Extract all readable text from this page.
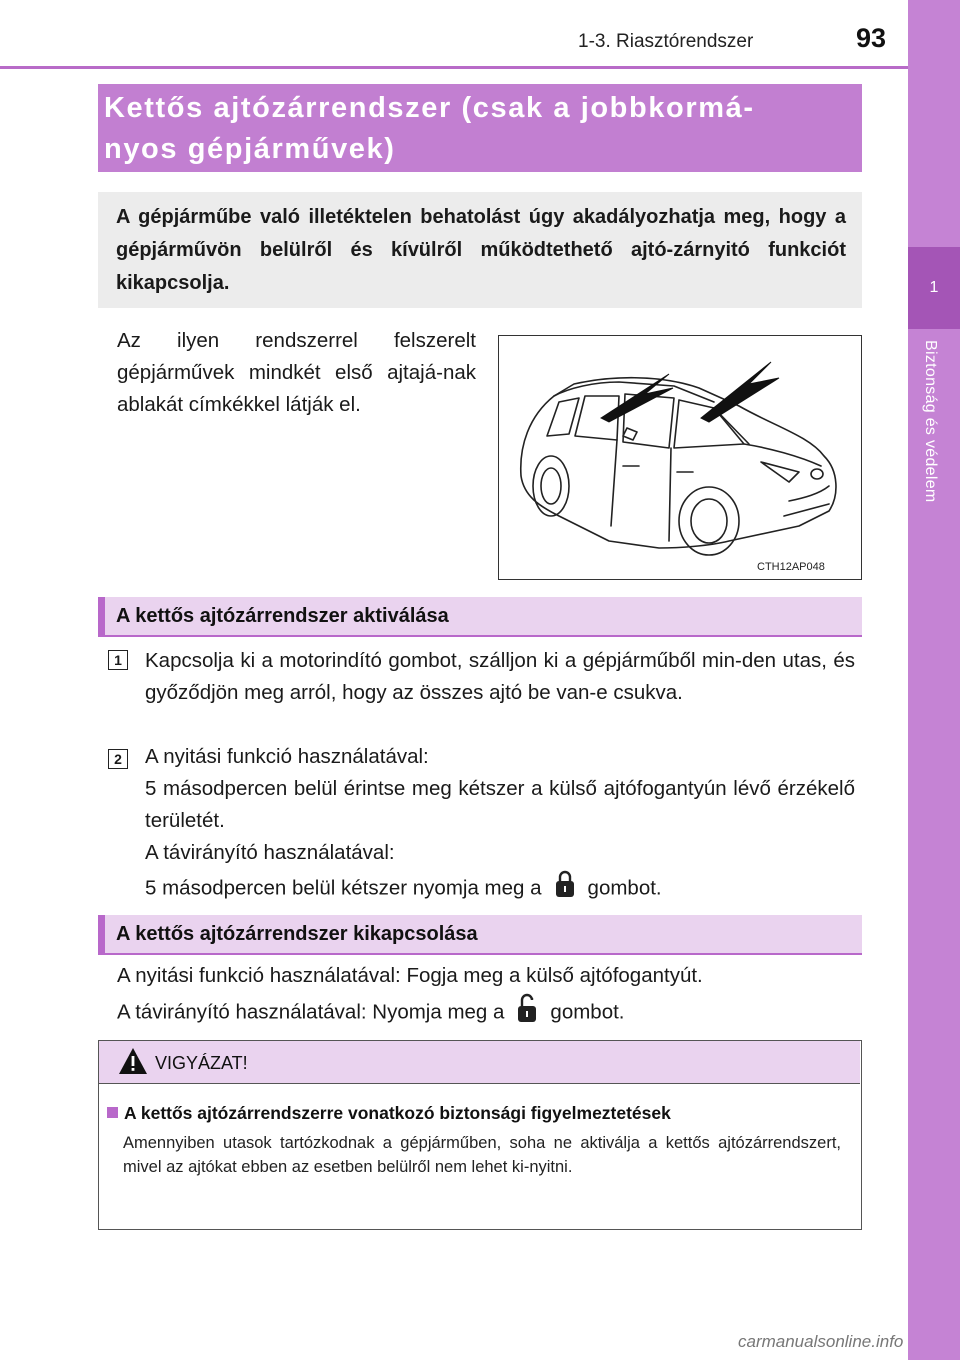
1-3. Riasztórendszer	93
1
Biztonság és védelem
Kettős ajtózárrendszer (csak a jobbkormá-
nyos gépjárművek)
A gépjárműbe való illetéktelen behatolást úgy akadályozhatja meg, hogy a gépjárművön belülről és kívülről működtethető ajtó-zárnyitó funkciót kikapcsolja.
Az ilyen rendszerrel felszerelt gépjárművek mindkét első ajtajá-nak ablakát címkékkel látják el.
CTH12AP048
A kettős ajtózárrendszer aktiválása
1 Kapcsolja ki a motorindító gombot, szálljon ki a gépjárműből min-den utas, és győződjön meg arról, hogy az összes ajtó be van-e csukva.
2 A nyitási funkció használatával:
5 másodpercen belül érintse meg kétszer a külső ajtófogantyún lévő érzékelő területét.
A távirányító használatával:
5 másodpercen belül kétszer nyomja meg a gombot.
A kettős ajtózárrendszer kikapcsolása
A nyitási funkció használatával: Fogja meg a külső ajtófogantyút.
A távirányító használatával: Nyomja meg a gombot.
VIGYÁZAT!
A kettős ajtózárrendszerre vonatkozó biztonsági figyelmeztetések
Amennyiben utasok tartózkodnak a gépjárműben, soha ne aktiválja a kettős ajtózárrendszert, mivel az ajtókat ebben az esetben belülről nem lehet ki-nyitni.
carmanualsonline.info
